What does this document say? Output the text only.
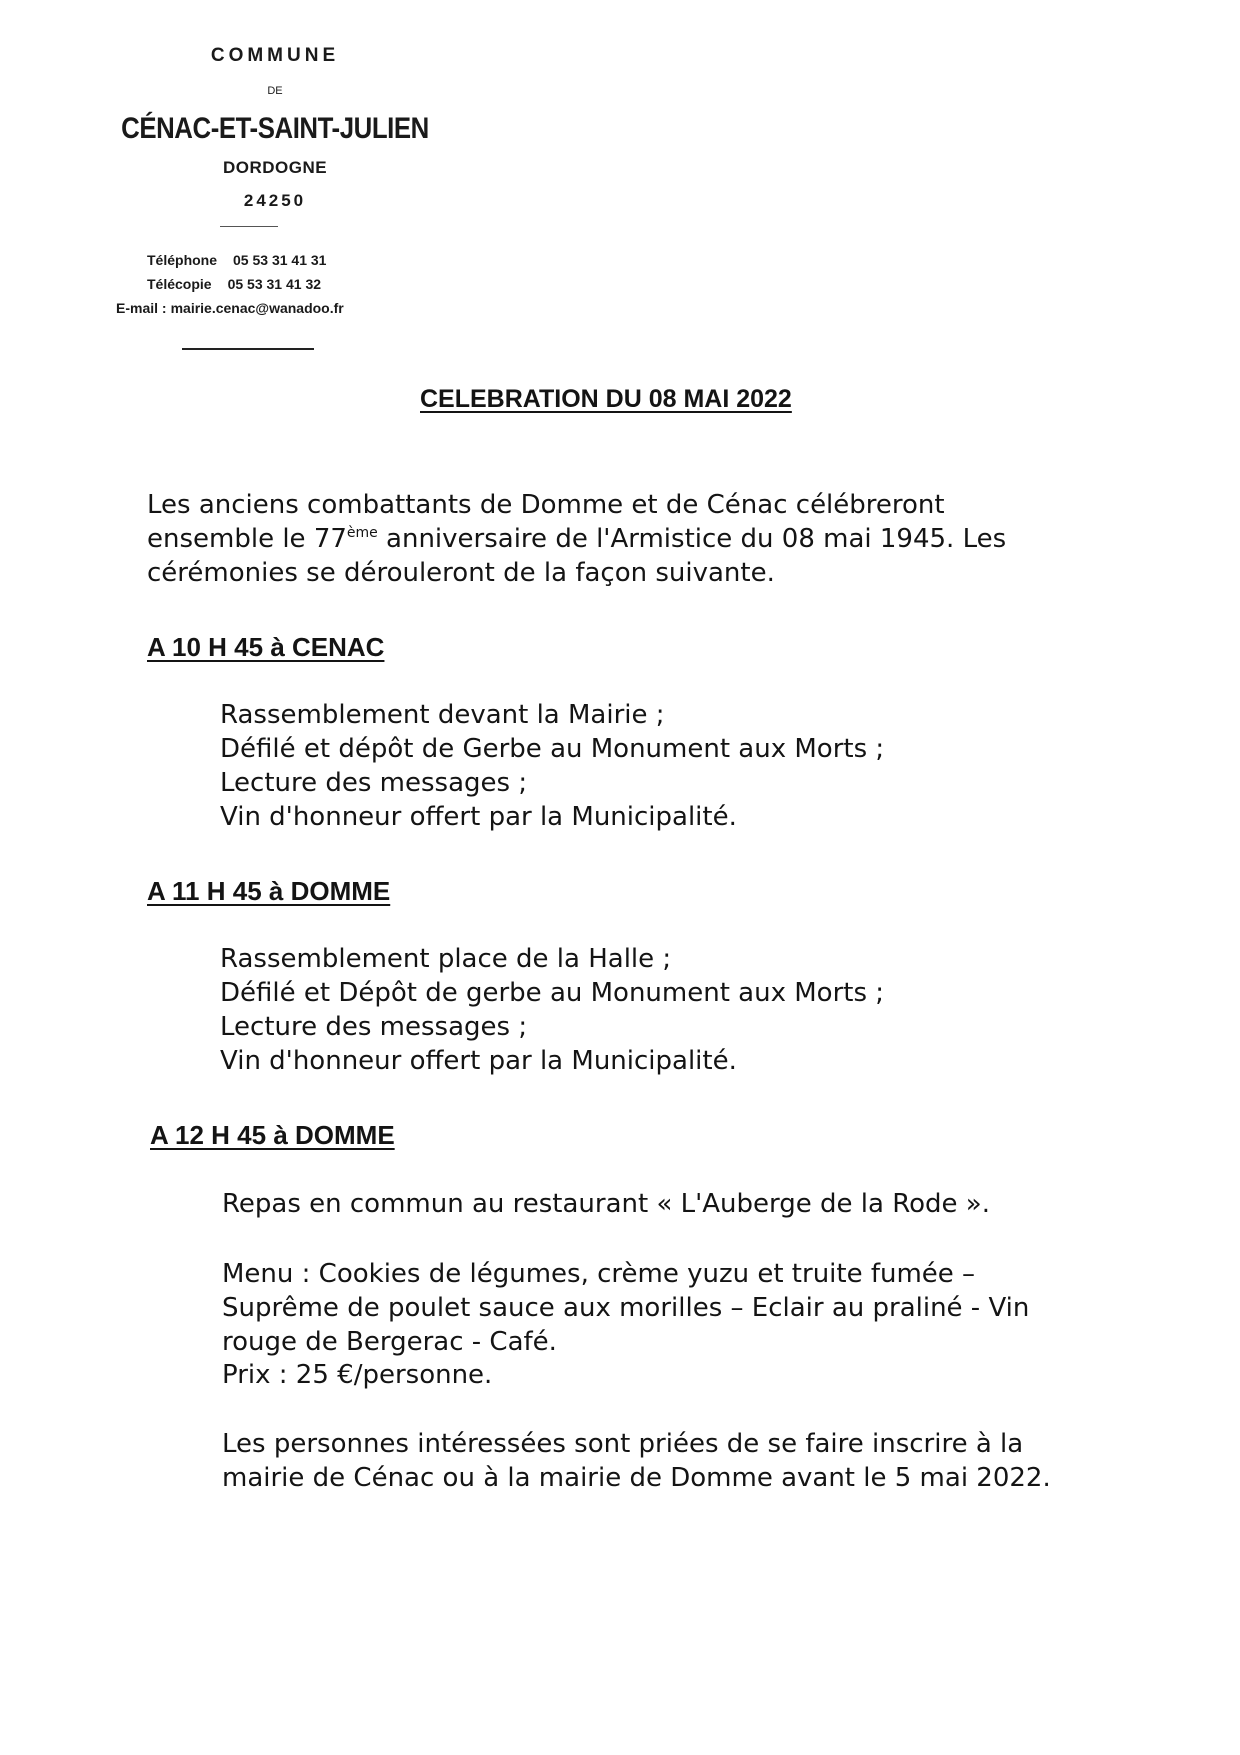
COMMUNE
DE
CÉNAC-ET-SAINT-JULIEN
DORDOGNE
24250
Téléphone 05 53 31 41 31
Télécopie 05 53 31 41 32
E-mail : mairie.cenac@wanadoo.fr
CELEBRATION DU 08 MAI 2022
Les anciens combattants de Domme et de Cénac célébreront ensemble le 77ème anniversaire de l'Armistice du 08 mai 1945. Les cérémonies se dérouleront de la façon suivante.
A 10 H 45 à CENAC
Rassemblement devant la Mairie ;
Défilé et dépôt de Gerbe au Monument aux Morts ;
Lecture des messages ;
Vin d'honneur offert par la Municipalité.
A 11 H 45 à DOMME
Rassemblement place de la Halle ;
Défilé et Dépôt de gerbe au Monument aux Morts ;
Lecture des messages ;
Vin d'honneur offert par la Municipalité.
A 12 H 45 à DOMME
Repas en commun au restaurant « L'Auberge de la Rode ».

Menu : Cookies de légumes, crème yuzu et truite fumée –

Suprême de poulet sauce aux morilles – Eclair au praliné - Vin

rouge de Bergerac - Café.

Prix : 25 €/personne.

Les personnes intéressées sont priées de se faire inscrire à la

mairie de Cénac ou à la mairie de Domme avant le 5 mai 2022.
